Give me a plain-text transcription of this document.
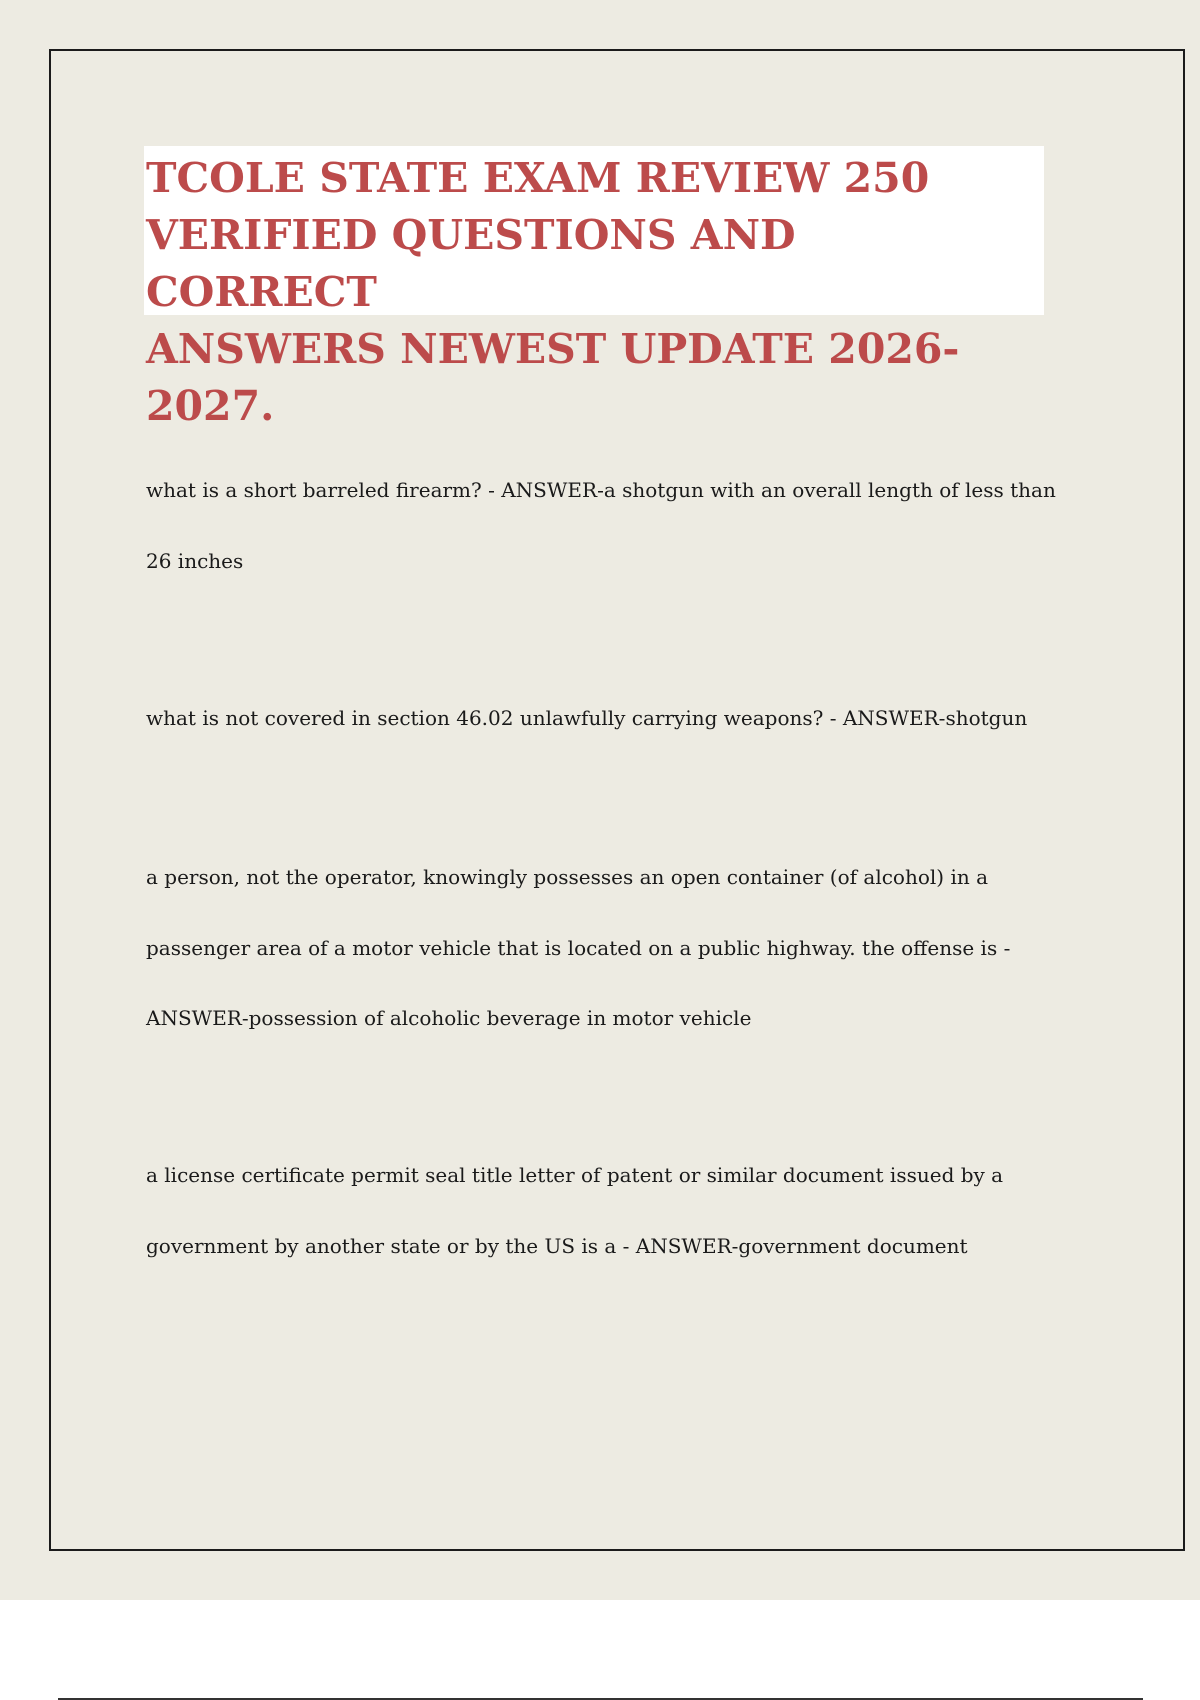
TCOLE STATE EXAM REVIEW 250
VERIFIED QUESTIONS AND CORRECT
ANSWERS NEWEST UPDATE 2026-2027.

what is a short barreled firearm? - ANSWER-a shotgun with an overall length of less than
26 inches

what is not covered in section 46.02 unlawfully carrying weapons? - ANSWER-shotgun

a person, not the operator, knowingly possesses an open container (of alcohol) in a
passenger area of a motor vehicle that is located on a public highway. the offense is -
ANSWER-possession of alcoholic beverage in motor vehicle

a license certificate permit seal title letter of patent or similar document issued by a
government by another state or by the US is a - ANSWER-government document
